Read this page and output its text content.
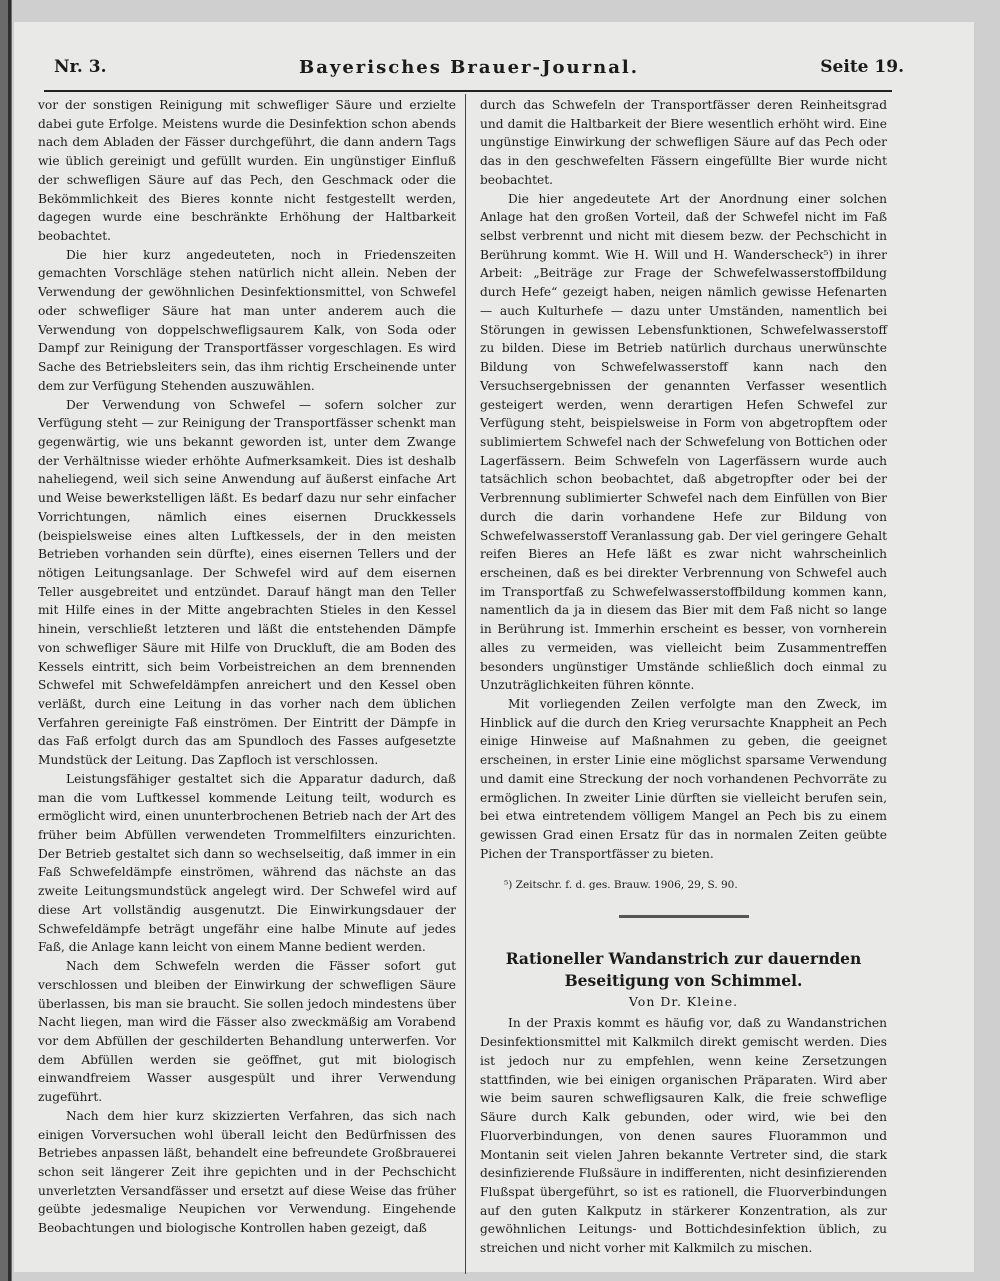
Nr. 3.	Bayerisches Brauer-Journal.	Seite 19.

vor der sonstigen Reinigung mit schwefliger Säure und erzielte dabei gute Erfolge. Meistens wurde die Desinfektion schon abends nach dem Abladen der Fässer durchgeführt, die dann andern Tags wie üblich gereinigt und gefüllt wurden. Ein ungünstiger Einfluß der schwefligen Säure auf das Pech, den Geschmack oder die Bekömmlichkeit des Bieres konnte nicht festgestellt werden, dagegen wurde eine beschränkte Erhöhung der Haltbarkeit beobachtet.

Die hier kurz angedeuteten, noch in Friedenszeiten gemachten Vorschläge stehen natürlich nicht allein. Neben der Verwendung der gewöhnlichen Desinfektionsmittel, von Schwefel oder schwefliger Säure hat man unter anderem auch die Verwendung von doppelschwefligsaurem Kalk, von Soda oder Dampf zur Reinigung der Transportfässer vorgeschlagen. Es wird Sache des Betriebsleiters sein, das ihm richtig Erscheinende unter dem zur Verfügung Stehenden auszuwählen.

Der Verwendung von Schwefel — sofern solcher zur Verfügung steht — zur Reinigung der Transportfässer schenkt man gegenwärtig, wie uns bekannt geworden ist, unter dem Zwange der Verhältnisse wieder erhöhte Aufmerksamkeit. Dies ist deshalb naheliegend, weil sich seine Anwendung auf äußerst einfache Art und Weise bewerkstelligen läßt. Es bedarf dazu nur sehr einfacher Vorrichtungen, nämlich eines eisernen Druckkessels (beispielsweise eines alten Luftkessels, der in den meisten Betrieben vorhanden sein dürfte), eines eisernen Tellers und der nötigen Leitungsanlage. Der Schwefel wird auf dem eisernen Teller ausgebreitet und entzündet. Darauf hängt man den Teller mit Hilfe eines in der Mitte angebrachten Stieles in den Kessel hinein, verschließt letzteren und läßt die entstehenden Dämpfe von schwefliger Säure mit Hilfe von Druckluft, die am Boden des Kessels eintritt, sich beim Vorbeistreichen an dem brennenden Schwefel mit Schwefeldämpfen anreichert und den Kessel oben verläßt, durch eine Leitung in das vorher nach dem üblichen Verfahren gereinigte Faß einströmen. Der Eintritt der Dämpfe in das Faß erfolgt durch das am Spundloch des Fasses aufgesetzte Mundstück der Leitung. Das Zapfloch ist verschlossen.

Leistungsfähiger gestaltet sich die Apparatur dadurch, daß man die vom Luftkessel kommende Leitung teilt, wodurch es ermöglicht wird, einen ununterbrochenen Betrieb nach der Art des früher beim Abfüllen verwendeten Trommelfilters einzurichten. Der Betrieb gestaltet sich dann so wechselseitig, daß immer in ein Faß Schwefeldämpfe einströmen, während das nächste an das zweite Leitungsmundstück angelegt wird. Der Schwefel wird auf diese Art vollständig ausgenutzt. Die Einwirkungsdauer der Schwefeldämpfe beträgt ungefähr eine halbe Minute auf jedes Faß, die Anlage kann leicht von einem Manne bedient werden.

Nach dem Schwefeln werden die Fässer sofort gut verschlossen und bleiben der Einwirkung der schwefligen Säure überlassen, bis man sie braucht. Sie sollen jedoch mindestens über Nacht liegen, man wird die Fässer also zweckmäßig am Vorabend vor dem Abfüllen der geschilderten Behandlung unterwerfen. Vor dem Abfüllen werden sie geöffnet, gut mit biologisch einwandfreiem Wasser ausgespült und ihrer Verwendung zugeführt.

Nach dem hier kurz skizzierten Verfahren, das sich nach einigen Vorversuchen wohl überall leicht den Bedürfnissen des Betriebes anpassen läßt, behandelt eine befreundete Großbrauerei schon seit längerer Zeit ihre gepichten und in der Pechschicht unverletzten Versandfässer und ersetzt auf diese Weise das früher geübte jedesmalige Neupichen vor Verwendung. Eingehende Beobachtungen und biologische Kontrollen haben gezeigt, daß

durch das Schwefeln der Transportfässer deren Reinheitsgrad und damit die Haltbarkeit der Biere wesentlich erhöht wird. Eine ungünstige Einwirkung der schwefligen Säure auf das Pech oder das in den geschwefelten Fässern eingefüllte Bier wurde nicht beobachtet.

Die hier angedeutete Art der Anordnung einer solchen Anlage hat den großen Vorteil, daß der Schwefel nicht im Faß selbst verbrennt und nicht mit diesem bezw. der Pechschicht in Berührung kommt. Wie H. Will und H. Wanderscheck⁵) in ihrer Arbeit: „Beiträge zur Frage der Schwefelwasserstoffbildung durch Hefe“ gezeigt haben, neigen nämlich gewisse Hefenarten — auch Kulturhefe — dazu unter Umständen, namentlich bei Störungen in gewissen Lebensfunktionen, Schwefelwasserstoff zu bilden. Diese im Betrieb natürlich durchaus unerwünschte Bildung von Schwefelwasserstoff kann nach den Versuchsergebnissen der genannten Verfasser wesentlich gesteigert werden, wenn derartigen Hefen Schwefel zur Verfügung steht, beispielsweise in Form von abgetropftem oder sublimiertem Schwefel nach der Schwefelung von Bottichen oder Lagerfässern. Beim Schwefeln von Lagerfässern wurde auch tatsächlich schon beobachtet, daß abgetropfter oder bei der Verbrennung sublimierter Schwefel nach dem Einfüllen von Bier durch die darin vorhandene Hefe zur Bildung von Schwefelwasserstoff Veranlassung gab. Der viel geringere Gehalt reifen Bieres an Hefe läßt es zwar nicht wahrscheinlich erscheinen, daß es bei direkter Verbrennung von Schwefel auch im Transportfaß zu Schwefelwasserstoffbildung kommen kann, namentlich da ja in diesem das Bier mit dem Faß nicht so lange in Berührung ist. Immerhin erscheint es besser, von vornherein alles zu vermeiden, was vielleicht beim Zusammentreffen besonders ungünstiger Umstände schließlich doch einmal zu Unzuträglichkeiten führen könnte.

Mit vorliegenden Zeilen verfolgte man den Zweck, im Hinblick auf die durch den Krieg verursachte Knappheit an Pech einige Hinweise auf Maßnahmen zu geben, die geeignet erscheinen, in erster Linie eine möglichst sparsame Verwendung und damit eine Streckung der noch vorhandenen Pechvorräte zu ermöglichen. In zweiter Linie dürften sie vielleicht berufen sein, bei etwa eintretendem völligem Mangel an Pech bis zu einem gewissen Grad einen Ersatz für das in normalen Zeiten geübte Pichen der Transportfässer zu bieten.

⁵) Zeitschr. f. d. ges. Brauw. 1906, 29, S. 90.
Rationeller Wandanstrich zur dauernden Beseitigung von Schimmel.
Von Dr. Kleine.

In der Praxis kommt es häufig vor, daß zu Wandanstrichen Desinfektionsmittel mit Kalkmilch direkt gemischt werden. Dies ist jedoch nur zu empfehlen, wenn keine Zersetzungen stattfinden, wie bei einigen organischen Präparaten. Wird aber wie beim sauren schwefligsauren Kalk, die freie schweflige Säure durch Kalk gebunden, oder wird, wie bei den Fluorverbindungen, von denen saures Fluorammon und Montanin seit vielen Jahren bekannte Vertreter sind, die stark desinfizierende Flußsäure in indifferenten, nicht desinfizierenden Flußspat übergeführt, so ist es rationell, die Fluorverbindungen auf den guten Kalkputz in stärkerer Konzentration, als zur gewöhnlichen Leitungs- und Bottichdesinfektion üblich, zu streichen und nicht vorher mit Kalkmilch zu mischen.
